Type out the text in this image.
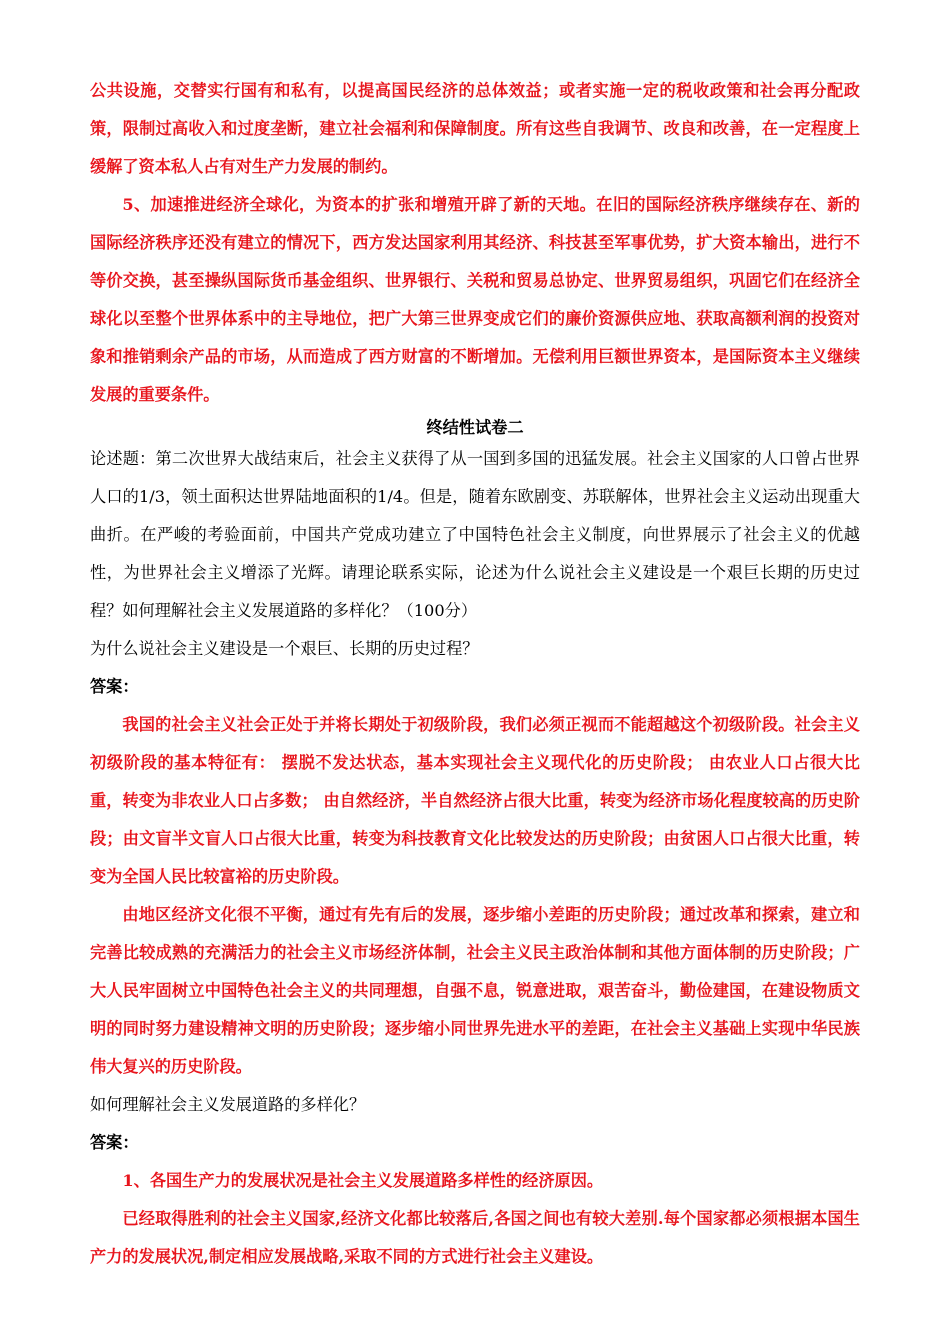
公共设施，交替实行国有和私有，以提高国民经济的总体效益；或者实施一定的税收政策和社会再分配政策，限制过高收入和过度垄断，建立社会福利和保障制度。所有这些自我调节、改良和改善，在一定程度上缓解了资本私人占有对生产力发展的制约。

5、加速推进经济全球化，为资本的扩张和增殖开辟了新的天地。在旧的国际经济秩序继续存在、新的国际经济秩序还没有建立的情况下，西方发达国家利用其经济、科技甚至军事优势，扩大资本输出，进行不等价交换，甚至操纵国际货币基金组织、世界银行、关税和贸易总协定、世界贸易组织，巩固它们在经济全球化以至整个世界体系中的主导地位，把广大第三世界变成它们的廉价资源供应地、获取高额利润的投资对象和推销剩余产品的市场，从而造成了西方财富的不断增加。无偿利用巨额世界资本，是国际资本主义继续发展的重要条件。

终结性试卷二

论述题：第二次世界大战结束后，社会主义获得了从一国到多国的迅猛发展。社会主义国家的人口曾占世界人口的1/3，领土面积达世界陆地面积的1/4。但是，随着东欧剧变、苏联解体，世界社会主义运动出现重大曲折。在严峻的考验面前，中国共产党成功建立了中国特色社会主义制度，向世界展示了社会主义的优越性，为世界社会主义增添了光辉。请理论联系实际，论述为什么说社会主义建设是一个艰巨长期的历史过程？如何理解社会主义发展道路的多样化？（100分）

为什么说社会主义建设是一个艰巨、长期的历史过程？

答案：

我国的社会主义社会正处于并将长期处于初级阶段，我们必须正视而不能超越这个初级阶段。社会主义初级阶段的基本特征有： 摆脱不发达状态，基本实现社会主义现代化的历史阶段； 由农业人口占很大比重，转变为非农业人口占多数； 由自然经济，半自然经济占很大比重，转变为经济市场化程度较高的历史阶段；由文盲半文盲人口占很大比重，转变为科技教育文化比较发达的历史阶段；由贫困人口占很大比重，转变为全国人民比较富裕的历史阶段。

由地区经济文化很不平衡，通过有先有后的发展，逐步缩小差距的历史阶段；通过改革和探索，建立和完善比较成熟的充满活力的社会主义市场经济体制，社会主义民主政治体制和其他方面体制的历史阶段；广大人民牢固树立中国特色社会主义的共同理想，自强不息，锐意进取，艰苦奋斗，勤俭建国，在建设物质文明的同时努力建设精神文明的历史阶段；逐步缩小同世界先进水平的差距，在社会主义基础上实现中华民族伟大复兴的历史阶段。

如何理解社会主义发展道路的多样化？

答案：

1、各国生产力的发展状况是社会主义发展道路多样性的经济原因。

已经取得胜利的社会主义国家,经济文化都比较落后,各国之间也有较大差别.每个国家都必须根据本国生产力的发展状况,制定相应发展战略,采取不同的方式进行社会主义建设。
